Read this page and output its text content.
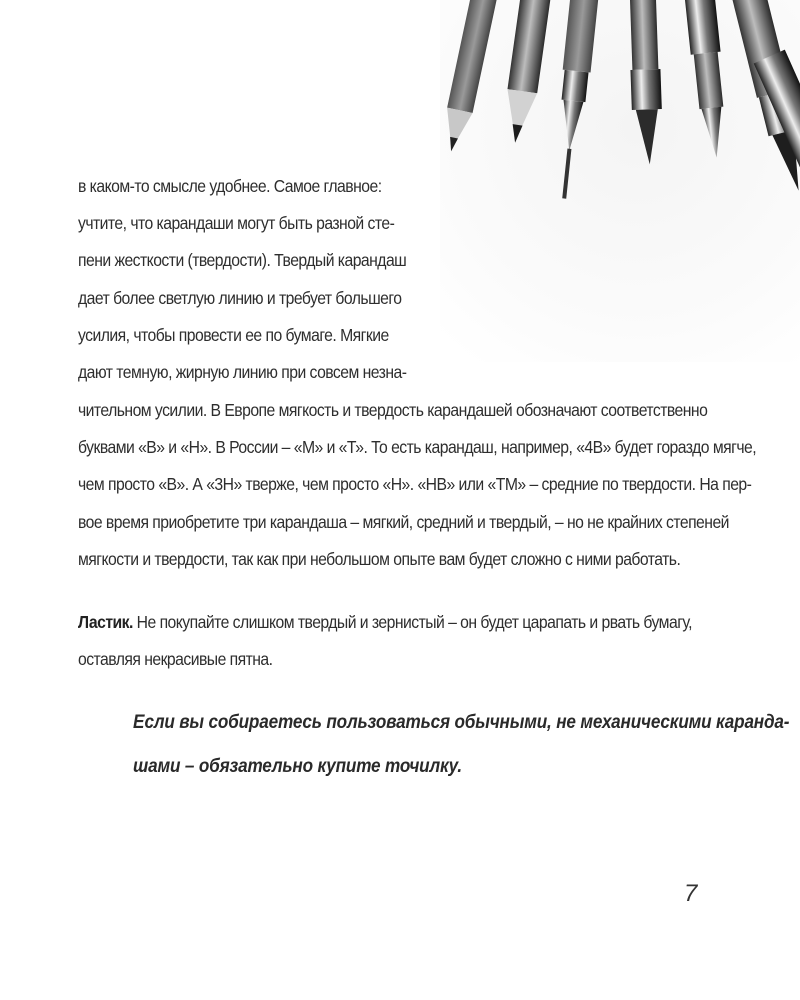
в каком-то смысле удобнее. Самое главное:

учтите, что карандаши могут быть разной сте-

пени жесткости (твердости). Твердый карандаш

дает более светлую линию и требует большего

усилия, чтобы провести ее по бумаге. Мягкие

дают темную, жирную линию при совсем незна-

чительном усилии. В Европе мягкость и твердость карандашей обозначают соответственно

буквами «В» и «Н». В России – «М» и «Т». То есть карандаш, например, «4В» будет гораздо мягче,

чем просто «В». А «3Н» тверже, чем просто «Н». «НВ» или «ТМ» – средние по твердости. На пер-

вое время приобретите три карандаша – мягкий, средний и твердый, – но не крайних степеней

мягкости и твердости, так как при небольшом опыте вам будет сложно с ними работать.

Ластик. Не покупайте слишком твердый и зернистый – он будет царапать и рвать бумагу,

оставляя некрасивые пятна.

Если вы собираетесь пользоваться обычными, не механическими каранда-

шами – обязательно купите точилку.

7
